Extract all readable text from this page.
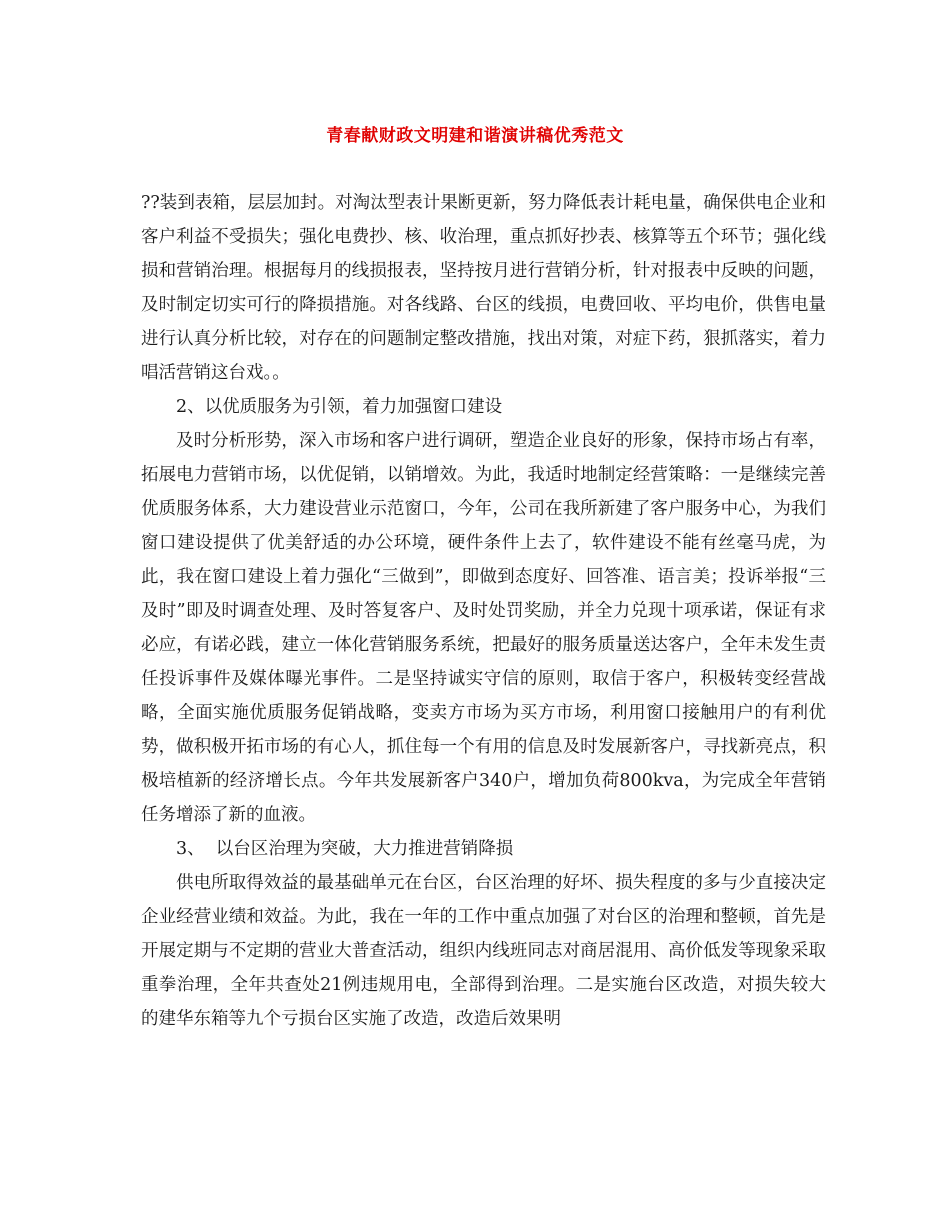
青春献财政文明建和谐演讲稿优秀范文

??装到表箱，层层加封。对淘汰型表计果断更新，努力降低表计耗电量，确保供电企业和客户利益不受损失；强化电费抄、核、收治理，重点抓好抄表、核算等五个环节；强化线损和营销治理。根据每月的线损报表，坚持按月进行营销分析，针对报表中反映的问题，及时制定切实可行的降损措施。对各线路、台区的线损，电费回收、平均电价，供售电量进行认真分析比较，对存在的问题制定整改措施，找出对策，对症下药，狠抓落实，着力唱活营销这台戏。。

2、以优质服务为引领，着力加强窗口建设

及时分析形势，深入市场和客户进行调研，塑造企业良好的形象，保持市场占有率，拓展电力营销市场，以优促销，以销增效。为此，我适时地制定经营策略：一是继续完善优质服务体系，大力建设营业示范窗口，今年，公司在我所新建了客户服务中心，为我们窗口建设提供了优美舒适的办公环境，硬件条件上去了，软件建设不能有丝毫马虎，为此，我在窗口建设上着力强化“三做到”，即做到态度好、回答准、语言美；投诉举报“三及时”即及时调查处理、及时答复客户、及时处罚奖励，并全力兑现十项承诺，保证有求必应，有诺必践，建立一体化营销服务系统，把最好的服务质量送达客户，全年未发生责任投诉事件及媒体曝光事件。二是坚持诚实守信的原则，取信于客户，积极转变经营战略，全面实施优质服务促销战略，变卖方市场为买方市场，利用窗口接触用户的有利优势，做积极开拓市场的有心人，抓住每一个有用的信息及时发展新客户，寻找新亮点，积极培植新的经济增长点。今年共发展新客户340户，增加负荷800kva，为完成全年营销任务增添了新的血液。

3、  以台区治理为突破，大力推进营销降损

供电所取得效益的最基础单元在台区，台区治理的好坏、损失程度的多与少直接决定企业经营业绩和效益。为此，我在一年的工作中重点加强了对台区的治理和整顿，首先是开展定期与不定期的营业大普查活动，组织内线班同志对商居混用、高价低发等现象采取重拳治理，全年共查处21例违规用电，全部得到治理。二是实施台区改造，对损失较大的建华东箱等九个亏损台区实施了改造，改造后效果明
